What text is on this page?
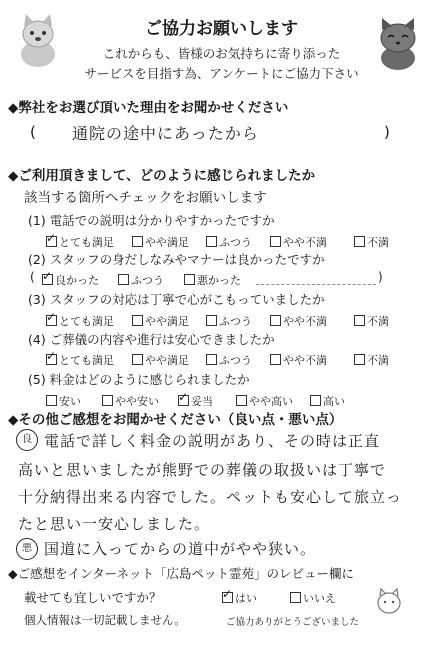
ご協力お願いします
これからも、皆様のお気持ちに寄り添った
サービスを目指す為、アンケートにご協力下さい
◆弊社をお選び頂いた理由をお聞かせください
( 通院の途中にあったから	)
◆ご利用頂きまして、どのように感じられましたか
該当する箇所へチェックをお願いします
(1) 電話での説明は分かりやすかったですか
✓とても満足	やや満足	ふつう	やや不満	不満
(2) スタッフの身だしなみやマナーは良かったですか
( ✓	良かった	ふつう	悪かった	)
(3) スタッフの対応は丁寧で心がこもっていましたか
✓とても満足	やや満足	ふつう	やや不満	不満
(4) ご葬儀の内容や進行は安心できましたか
✓とても満足	やや満足	ふつう	やや不満	不満
(5) 料金はどのように感じられましたか
安い	やや安い ✓	妥当	やや高い	高い
◆その他ご感想をお聞かせください（良い点・悪い点）
良 電話で詳しく料金の説明があり、その時は正直
高いと思いましたが熊野での葬儀の取扱いは丁寧で
十分納得出来る内容でした。ペットも安心して旅立っ
たと思い一安心しました。
悪 国道に入ってからの道中がやや狭い。
◆ご感想をインターネット「広島ペット霊苑」のレビュー欄に
載せても宜しいですか？ ✓	はい	いいえ
個人情報は一切記載しません。	ご協力ありがとうございました
